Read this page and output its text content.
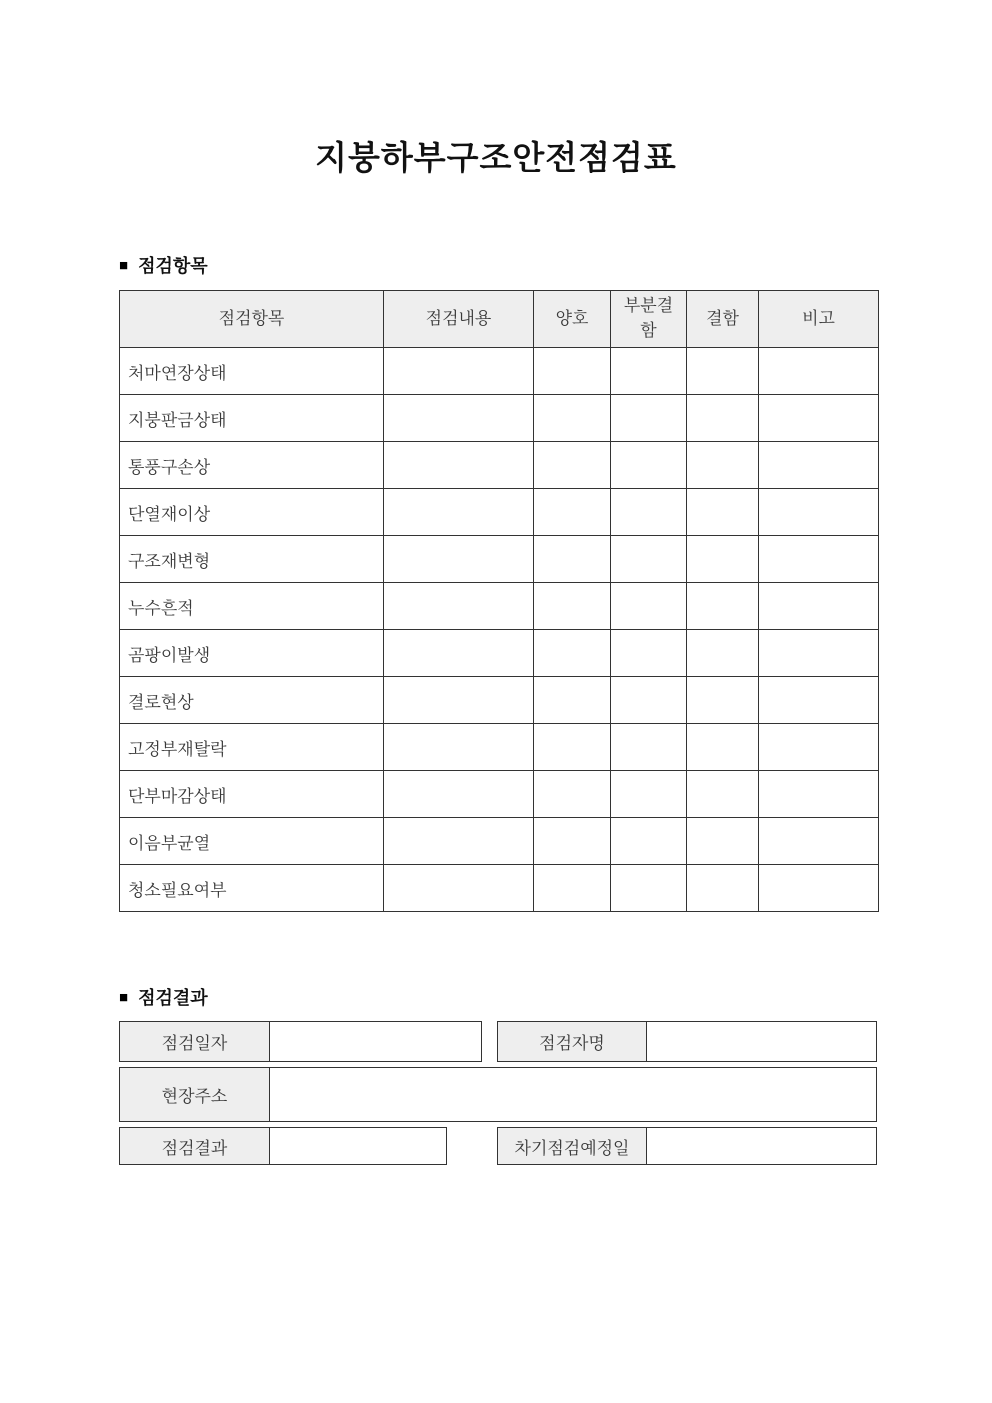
지붕하부구조안전점검표
■ 점검항목
점검항목	점검내용	양호	부분결함	결함	비고
처마연장상태					
지붕판금상태					
통풍구손상					
단열재이상					
구조재변형					
누수흔적					
곰팡이발생					
결로현상					
고정부재탈락					
단부마감상태					
이음부균열					
청소필요여부					
■ 점검결과
점검일자	점검자명
현장주소
점검결과	차기점검예정일
